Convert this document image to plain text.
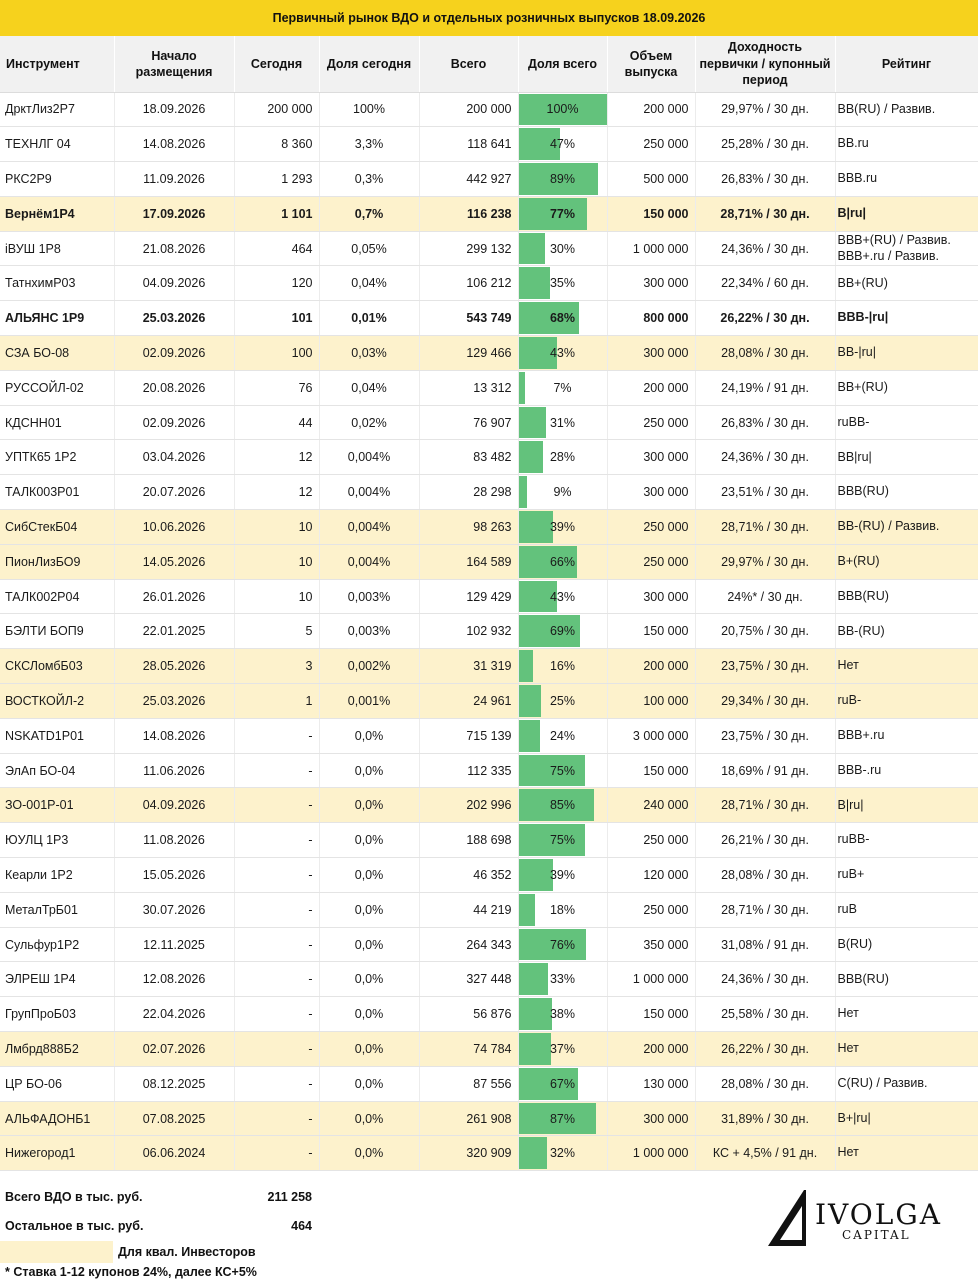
Первичный рынок ВДО и отдельных розничных выпусков 18.09.2026
Инструмент	Начало размещения	Сегодня	Доля сегодня	Всего	Доля всего	Объем выпуска	Доходность первички / купонный период	Рейтинг
ДрктЛиз2Р7	18.09.2026	200 000	100%	200 000	100%	200 000	29,97% / 30 дн.	BB(RU) / Развив.

ТЕХНЛГ 04	14.08.2026	8 360	3,3%	118 641	47%	250 000	25,28% / 30 дн.	BB.ru

РКС2Р9	11.09.2026	1 293	0,3%	442 927	89%	500 000	26,83% / 30 дн.	BBB.ru

Вернём1Р4	17.09.2026	1 101	0,7%	116 238	77%	150 000	28,71% / 30 дн.	B|ru|

iВУШ 1Р8	21.08.2026	464	0,05%	299 132	30%	1 000 000	24,36% / 30 дн.	BBB+(RU) / Развив.
BBB+.ru / Развив.

ТатнхимР03	04.09.2026	120	0,04%	106 212	35%	300 000	22,34% / 60 дн.	BB+(RU)

АЛЬЯНС 1Р9	25.03.2026	101	0,01%	543 749	68%	800 000	26,22% / 30 дн.	BBB-|ru|

СЗА БО-08	02.09.2026	100	0,03%	129 466	43%	300 000	28,08% / 30 дн.	BB-|ru|

РУССОЙЛ-02	20.08.2026	76	0,04%	13 312	7%	200 000	24,19% / 91 дн.	BB+(RU)

КДСНН01	02.09.2026	44	0,02%	76 907	31%	250 000	26,83% / 30 дн.	ruBB-

УПТК65 1Р2	03.04.2026	12	0,004%	83 482	28%	300 000	24,36% / 30 дн.	BB|ru|

ТАЛК003Р01	20.07.2026	12	0,004%	28 298	9%	300 000	23,51% / 30 дн.	BBB(RU)

СибСтекБ04	10.06.2026	10	0,004%	98 263	39%	250 000	28,71% / 30 дн.	BB-(RU) / Развив.

ПионЛизБО9	14.05.2026	10	0,004%	164 589	66%	250 000	29,97% / 30 дн.	B+(RU)

ТАЛК002Р04	26.01.2026	10	0,003%	129 429	43%	300 000	24%* / 30 дн.	BBB(RU)

БЭЛТИ БОП9	22.01.2025	5	0,003%	102 932	69%	150 000	20,75% / 30 дн.	BB-(RU)

СКСЛомбБ03	28.05.2026	3	0,002%	31 319	16%	200 000	23,75% / 30 дн.	Нет

ВОСТКОЙЛ-2	25.03.2026	1	0,001%	24 961	25%	100 000	29,34% / 30 дн.	ruB-

NSKATD1P01	14.08.2026	-	0,0%	715 139	24%	3 000 000	23,75% / 30 дн.	BBB+.ru

ЭлАп БО-04	11.06.2026	-	0,0%	112 335	75%	150 000	18,69% / 91 дн.	BBB-.ru

ЗО-001Р-01	04.09.2026	-	0,0%	202 996	85%	240 000	28,71% / 30 дн.	B|ru|

ЮУЛЦ 1Р3	11.08.2026	-	0,0%	188 698	75%	250 000	26,21% / 30 дн.	ruBB-

Кеарли 1Р2	15.05.2026	-	0,0%	46 352	39%	120 000	28,08% / 30 дн.	ruB+

МеталТрБ01	30.07.2026	-	0,0%	44 219	18%	250 000	28,71% / 30 дн.	ruB

Сульфур1Р2	12.11.2025	-	0,0%	264 343	76%	350 000	31,08% / 91 дн.	B(RU)

ЭЛРЕШ 1Р4	12.08.2026	-	0,0%	327 448	33%	1 000 000	24,36% / 30 дн.	BBB(RU)

ГрупПроБ03	22.04.2026	-	0,0%	56 876	38%	150 000	25,58% / 30 дн.	Нет

Лмбрд888Б2	02.07.2026	-	0,0%	74 784	37%	200 000	26,22% / 30 дн.	Нет

ЦР БО-06	08.12.2025	-	0,0%	87 556	67%	130 000	28,08% / 30 дн.	C(RU) / Развив.

АЛЬФАДОНБ1	07.08.2025	-	0,0%	261 908	87%	300 000	31,89% / 30 дн.	B+|ru|

Нижегород1	06.06.2024	-	0,0%	320 909	32%	1 000 000	КС + 4,5% / 91 дн.	Нет
Всего ВДО в тыс. руб.	211 258
Остальное в тыс. руб.	464
Для квал. Инвесторов
* Ставка 1-12 купонов 24%, далее КС+5%
IVOLGA
CAPITAL
